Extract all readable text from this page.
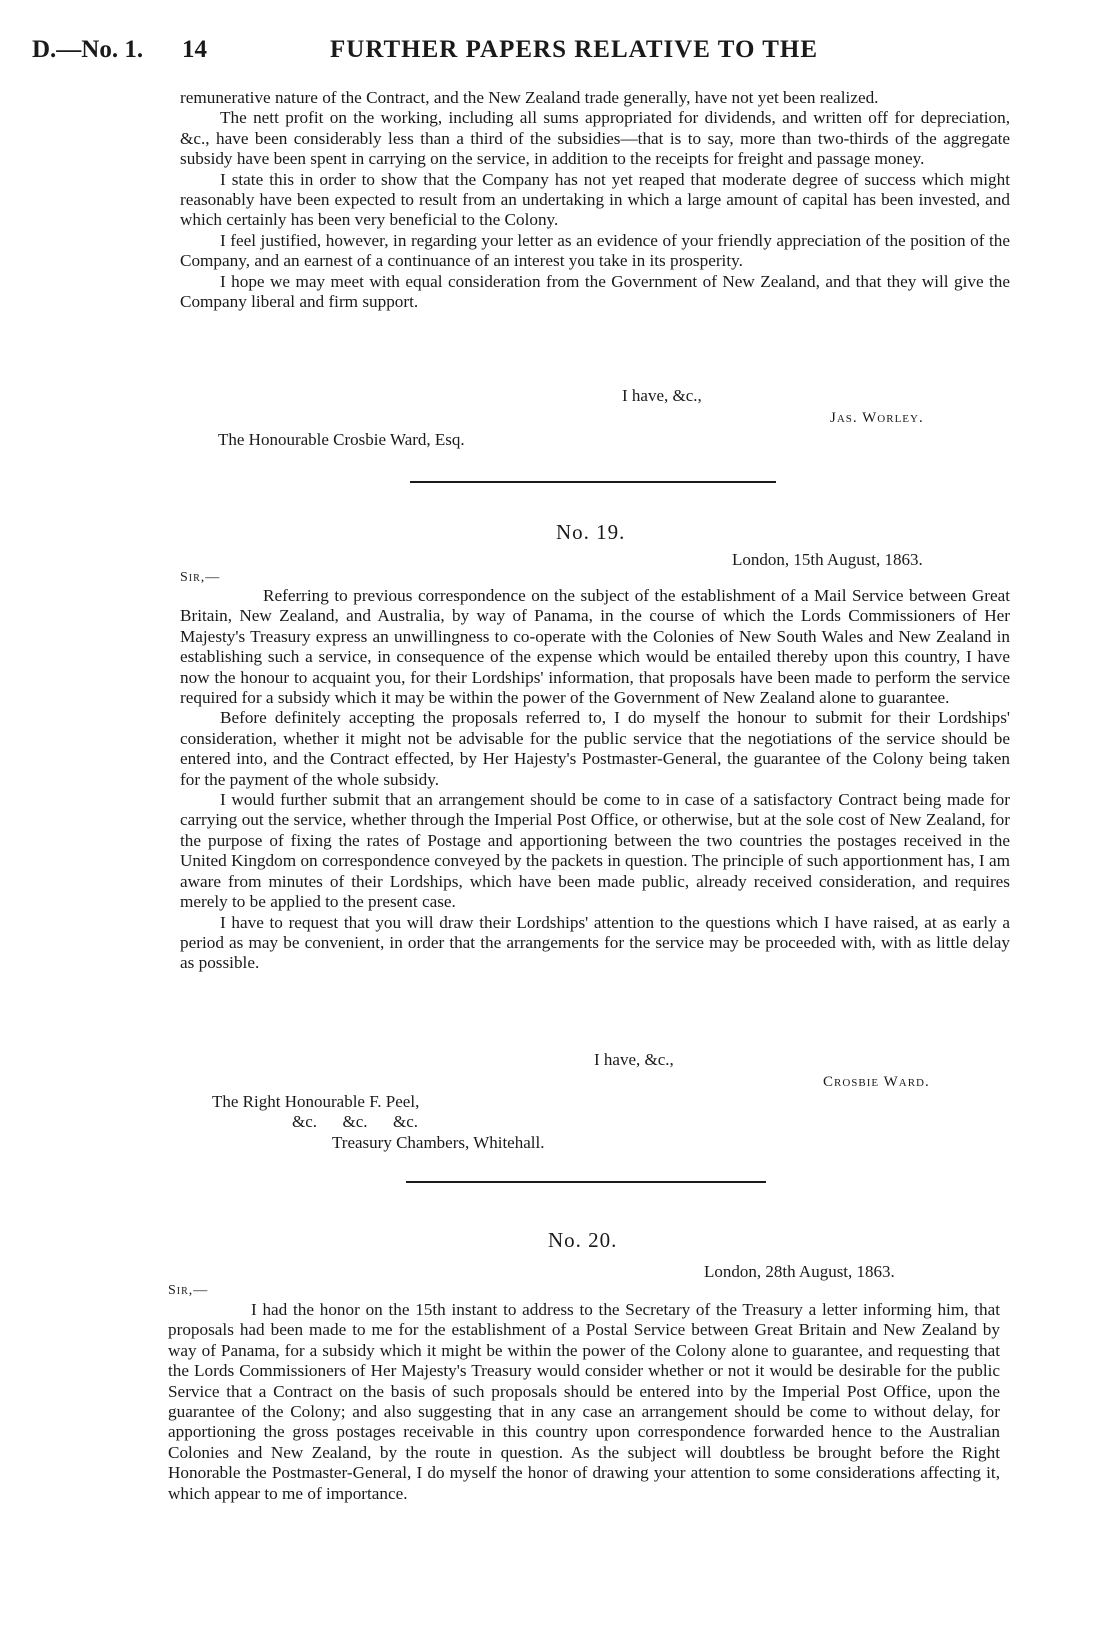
D.—No. 1. 14	FURTHER PAPERS RELATIVE TO THE

remunerative nature of the Contract, and the New Zealand trade generally, have not yet been realized.

The nett profit on the working, including all sums appropriated for dividends, and written off for depreciation, &c., have been considerably less than a third of the subsidies—that is to say, more than two-thirds of the aggregate subsidy have been spent in carrying on the service, in addition to the receipts for freight and passage money.

I state this in order to show that the Company has not yet reaped that moderate degree of success which might reasonably have been expected to result from an undertaking in which a large amount of capital has been invested, and which certainly has been very beneficial to the Colony.

I feel justified, however, in regarding your letter as an evidence of your friendly appreciation of the position of the Company, and an earnest of a continuance of an interest you take in its prosperity.

I hope we may meet with equal consideration from the Government of New Zealand, and that they will give the Company liberal and firm support.

I have, &c.,
Jas. Worley.
The Honourable Crosbie Ward, Esq.
No. 19.
London, 15th August, 1863.
Sir,—

Referring to previous correspondence on the subject of the establishment of a Mail Service between Great Britain, New Zealand, and Australia, by way of Panama, in the course of which the Lords Commissioners of Her Majesty's Treasury express an unwillingness to co-operate with the Colonies of New South Wales and New Zealand in establishing such a service, in consequence of the expense which would be entailed thereby upon this country, I have now the honour to acquaint you, for their Lordships' information, that proposals have been made to perform the service required for a subsidy which it may be within the power of the Government of New Zealand alone to guarantee.

Before definitely accepting the proposals referred to, I do myself the honour to submit for their Lordships' consideration, whether it might not be advisable for the public service that the negotiations of the service should be entered into, and the Contract effected, by Her Hajesty's Postmaster-General, the guarantee of the Colony being taken for the payment of the whole subsidy.

I would further submit that an arrangement should be come to in case of a satisfactory Contract being made for carrying out the service, whether through the Imperial Post Office, or otherwise, but at the sole cost of New Zealand, for the purpose of fixing the rates of Postage and apportioning between the two countries the postages received in the United Kingdom on correspondence conveyed by the packets in question. The principle of such apportionment has, I am aware from minutes of their Lordships, which have been made public, already received consideration, and requires merely to be applied to the present case.

I have to request that you will draw their Lordships' attention to the questions which I have raised, at as early a period as may be convenient, in order that the arrangements for the service may be proceeded with, with as little delay as possible.

I have, &c.,
Crosbie Ward.
The Right Honourable F. Peel,
&c.      &c.      &c.
Treasury Chambers, Whitehall.
No. 20.
London, 28th August, 1863.
Sir,—

I had the honor on the 15th instant to address to the Secretary of the Treasury a letter informing him, that proposals had been made to me for the establishment of a Postal Service between Great Britain and New Zealand by way of Panama, for a subsidy which it might be within the power of the Colony alone to guarantee, and requesting that the Lords Commissioners of Her Majesty's Treasury would consider whether or not it would be desirable for the public Service that a Contract on the basis of such proposals should be entered into by the Imperial Post Office, upon the guarantee of the Colony; and also suggesting that in any case an arrangement should be come to without delay, for apportioning the gross postages receivable in this country upon correspondence forwarded hence to the Australian Colonies and New Zealand, by the route in question. As the subject will doubtless be brought before the Right Honorable the Postmaster-General, I do myself the honor of drawing your attention to some considerations affecting it, which appear to me of importance.
